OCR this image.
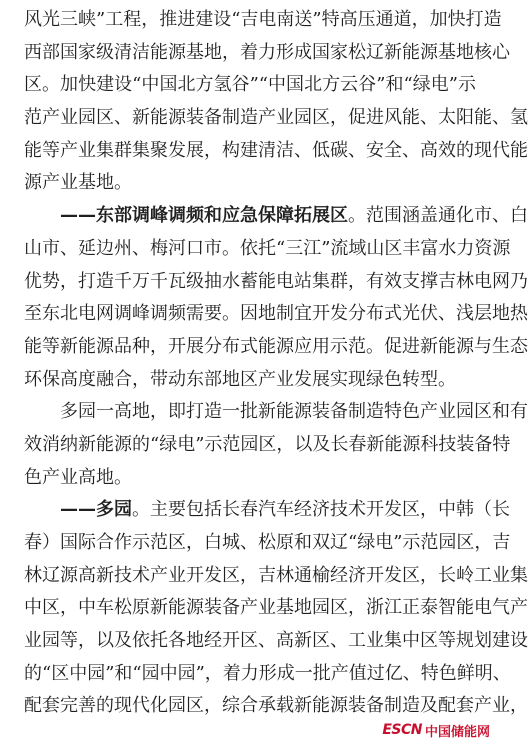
风光三峡”工程，推进建设“吉电南送”特高压通道，加快打造
西部国家级清洁能源基地，着力形成国家松辽新能源基地核心
区。加快建设“中国北方氢谷”“中国北方云谷”和“绿电”示
范产业园区、新能源装备制造产业园区，促进风能、太阳能、氢
能等产业集群集聚发展，构建清洁、低碳、安全、高效的现代能
源产业基地。
——东部调峰调频和应急保障拓展区。范围涵盖通化市、白
山市、延边州、梅河口市。依托“三江”流域山区丰富水力资源
优势，打造千万千瓦级抽水蓄能电站集群，有效支撑吉林电网乃
至东北电网调峰调频需要。因地制宜开发分布式光伏、浅层地热
能等新能源品种，开展分布式能源应用示范。促进新能源与生态
环保高度融合，带动东部地区产业发展实现绿色转型。
多园一高地，即打造一批新能源装备制造特色产业园区和有
效消纳新能源的“绿电”示范园区，以及长春新能源科技装备特
色产业高地。
——多园。主要包括长春汽车经济技术开发区，中韩（长
春）国际合作示范区，白城、松原和双辽“绿电”示范园区，吉
林辽源高新技术产业开发区，吉林通榆经济开发区，长岭工业集
中区，中车松原新能源装备产业基地园区，浙江正泰智能电气产
业园等，以及依托各地经开区、高新区、工业集中区等规划建设
的“区中园”和“园中园”，着力形成一批产值过亿、特色鲜明、
配套完善的现代化园区，综合承载新能源装备制造及配套产业，
ESCN 中国储能网
